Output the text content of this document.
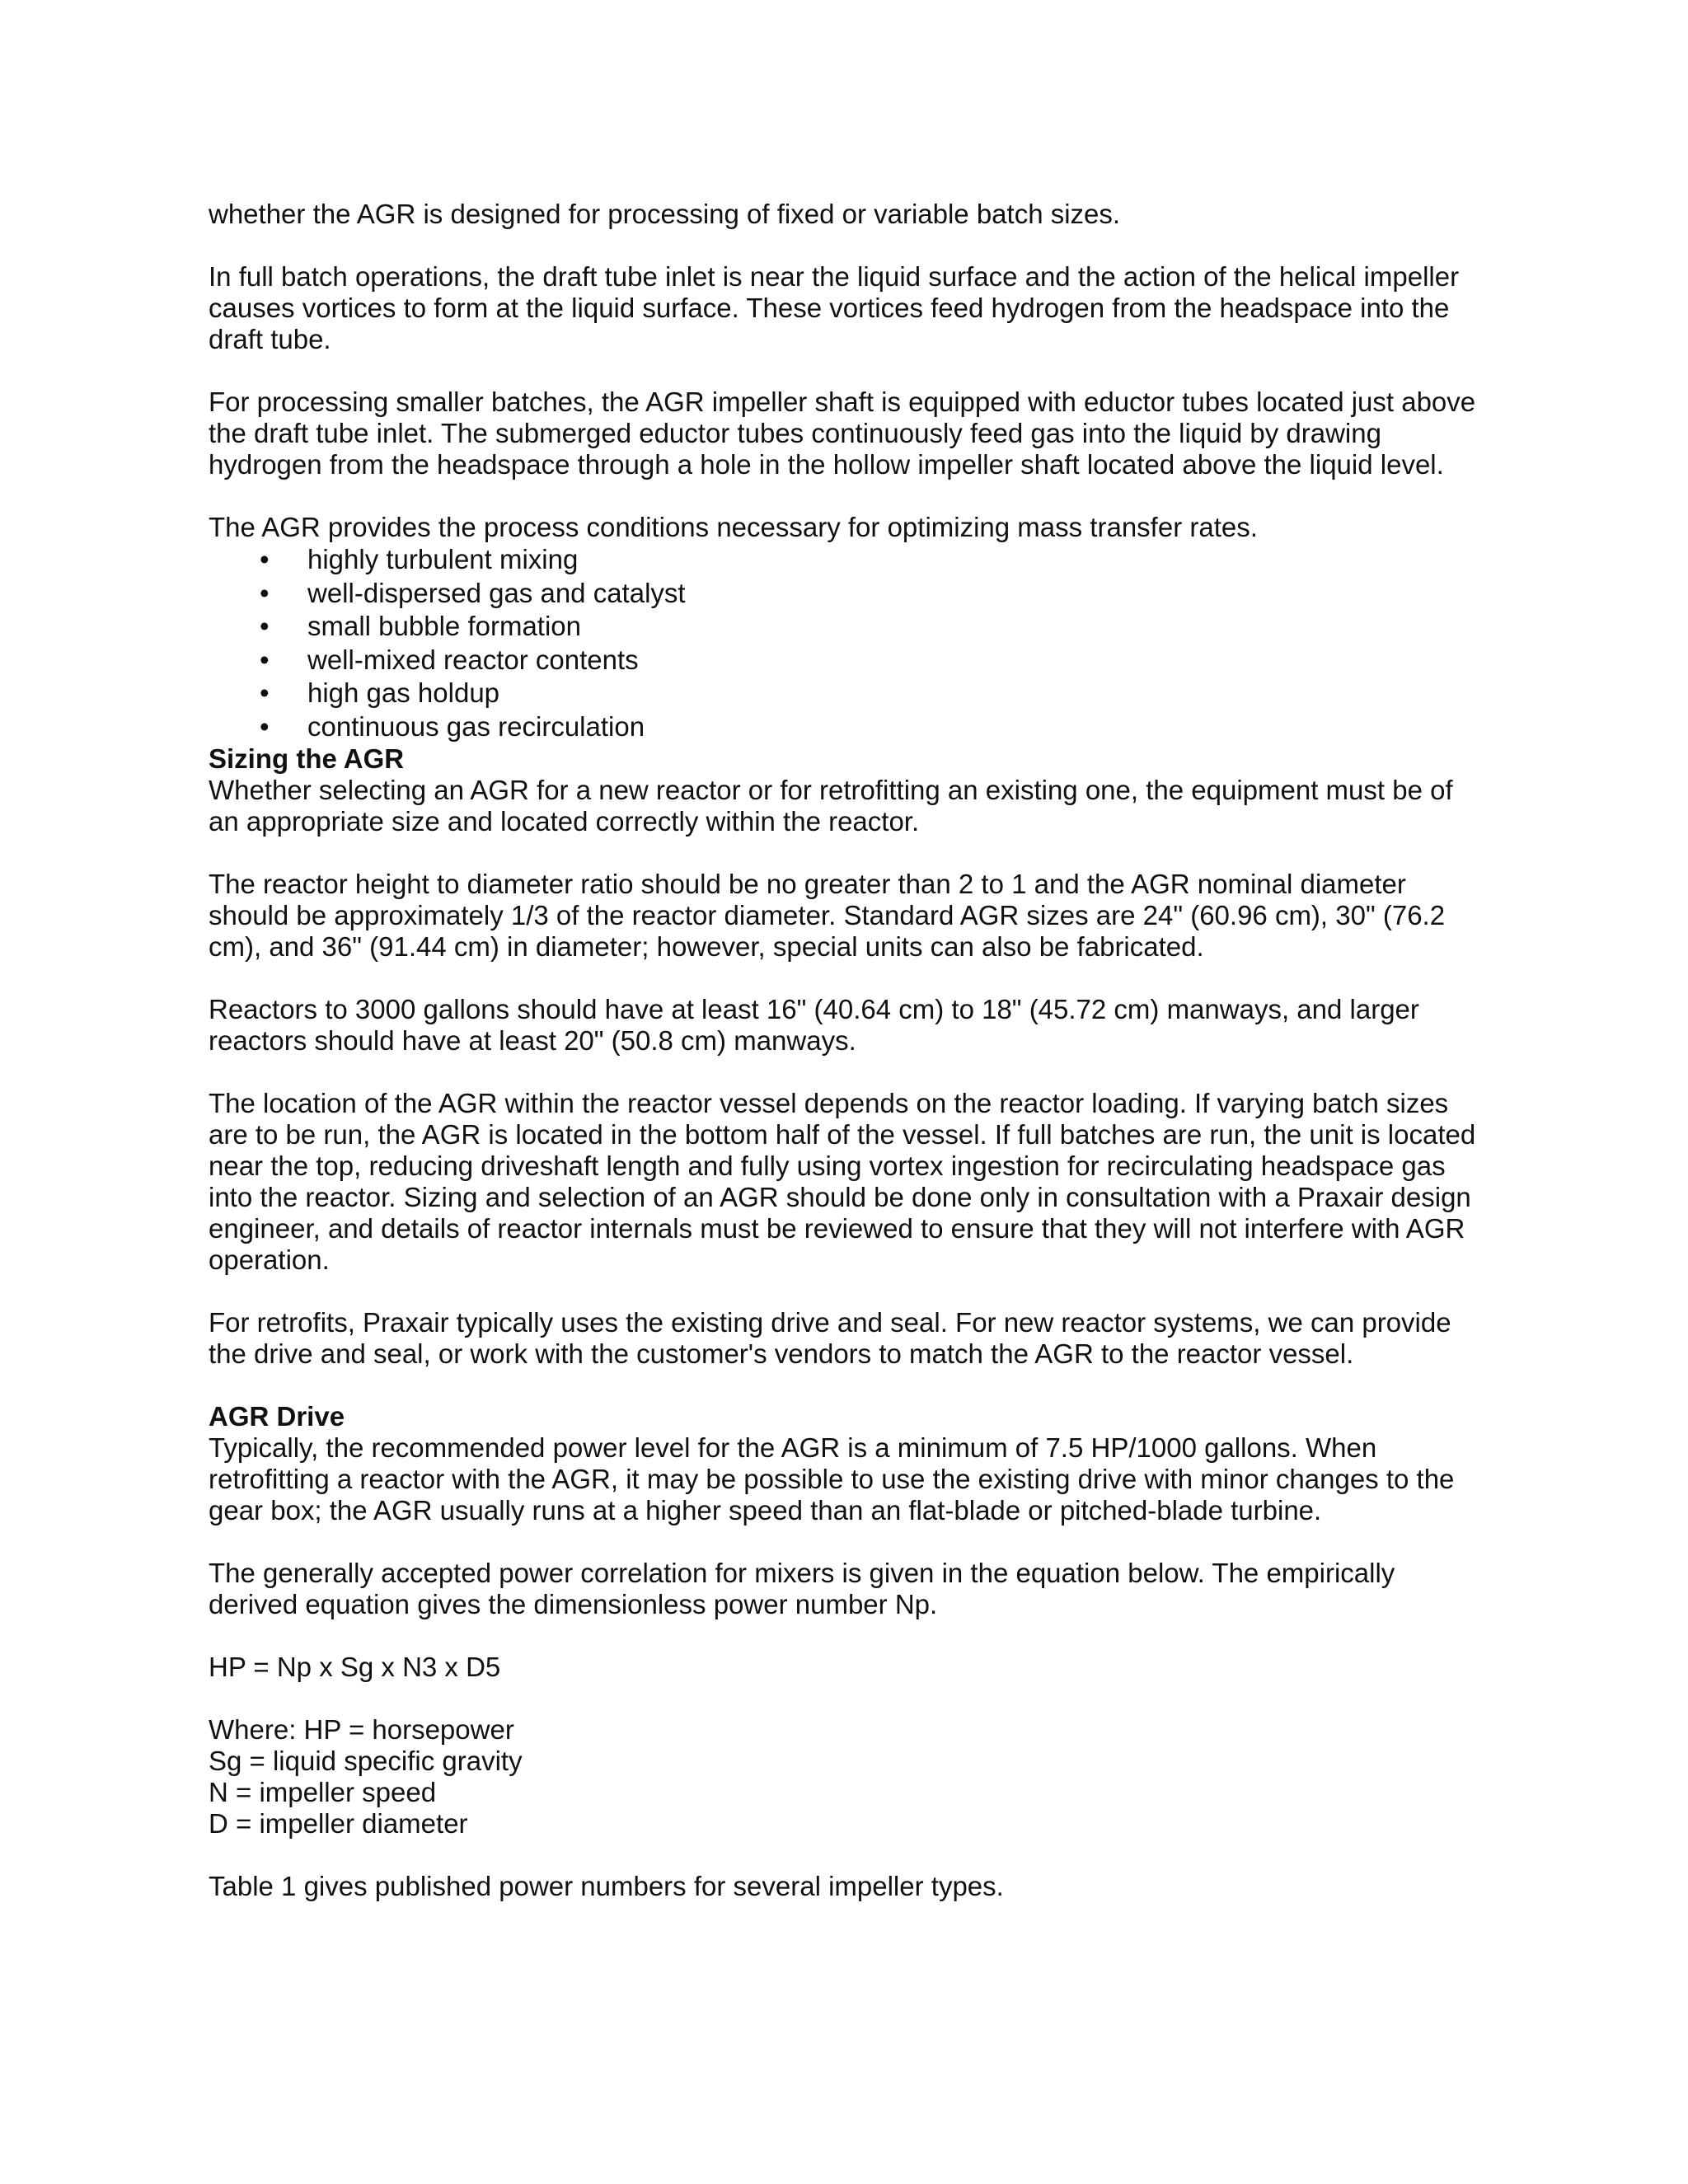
whether the AGR is designed for processing of fixed or variable batch sizes.

In full batch operations, the draft tube inlet is near the liquid surface and the action of the helical impeller causes vortices to form at the liquid surface. These vortices feed hydrogen from the headspace into the draft tube.

For processing smaller batches, the AGR impeller shaft is equipped with eductor tubes located just above the draft tube inlet. The submerged eductor tubes continuously feed gas into the liquid by drawing hydrogen from the headspace through a hole in the hollow impeller shaft located above the liquid level.

The AGR provides the process conditions necessary for optimizing mass transfer rates.

• highly turbulent mixing
• well-dispersed gas and catalyst
• small bubble formation
• well-mixed reactor contents
• high gas holdup
• continuous gas recirculation
Sizing the AGR

Whether selecting an AGR for a new reactor or for retrofitting an existing one, the equipment must be of an appropriate size and located correctly within the reactor.

The reactor height to diameter ratio should be no greater than 2 to 1 and the AGR nominal diameter should be approximately 1/3 of the reactor diameter. Standard AGR sizes are 24" (60.96 cm), 30" (76.2 cm), and 36" (91.44 cm) in diameter; however, special units can also be fabricated.

Reactors to 3000 gallons should have at least 16" (40.64 cm) to 18" (45.72 cm) manways, and larger reactors should have at least 20" (50.8 cm) manways.

The location of the AGR within the reactor vessel depends on the reactor loading. If varying batch sizes are to be run, the AGR is located in the bottom half of the vessel. If full batches are run, the unit is located near the top, reducing driveshaft length and fully using vortex ingestion for recirculating headspace gas into the reactor. Sizing and selection of an AGR should be done only in consultation with a Praxair design engineer, and details of reactor internals must be reviewed to ensure that they will not interfere with AGR operation.

For retrofits, Praxair typically uses the existing drive and seal. For new reactor systems, we can provide the drive and seal, or work with the customer's vendors to match the AGR to the reactor vessel.

AGR Drive

Typically, the recommended power level for the AGR is a minimum of 7.5 HP/1000 gallons. When retrofitting a reactor with the AGR, it may be possible to use the existing drive with minor changes to the gear box; the AGR usually runs at a higher speed than an flat-blade or pitched-blade turbine.

The generally accepted power correlation for mixers is given in the equation below. The empirically derived equation gives the dimensionless power number Np.

HP = Np x Sg x N3 x D5

Where: HP = horsepower

Sg = liquid specific gravity

N = impeller speed

D = impeller diameter

Table 1 gives published power numbers for several impeller types.
